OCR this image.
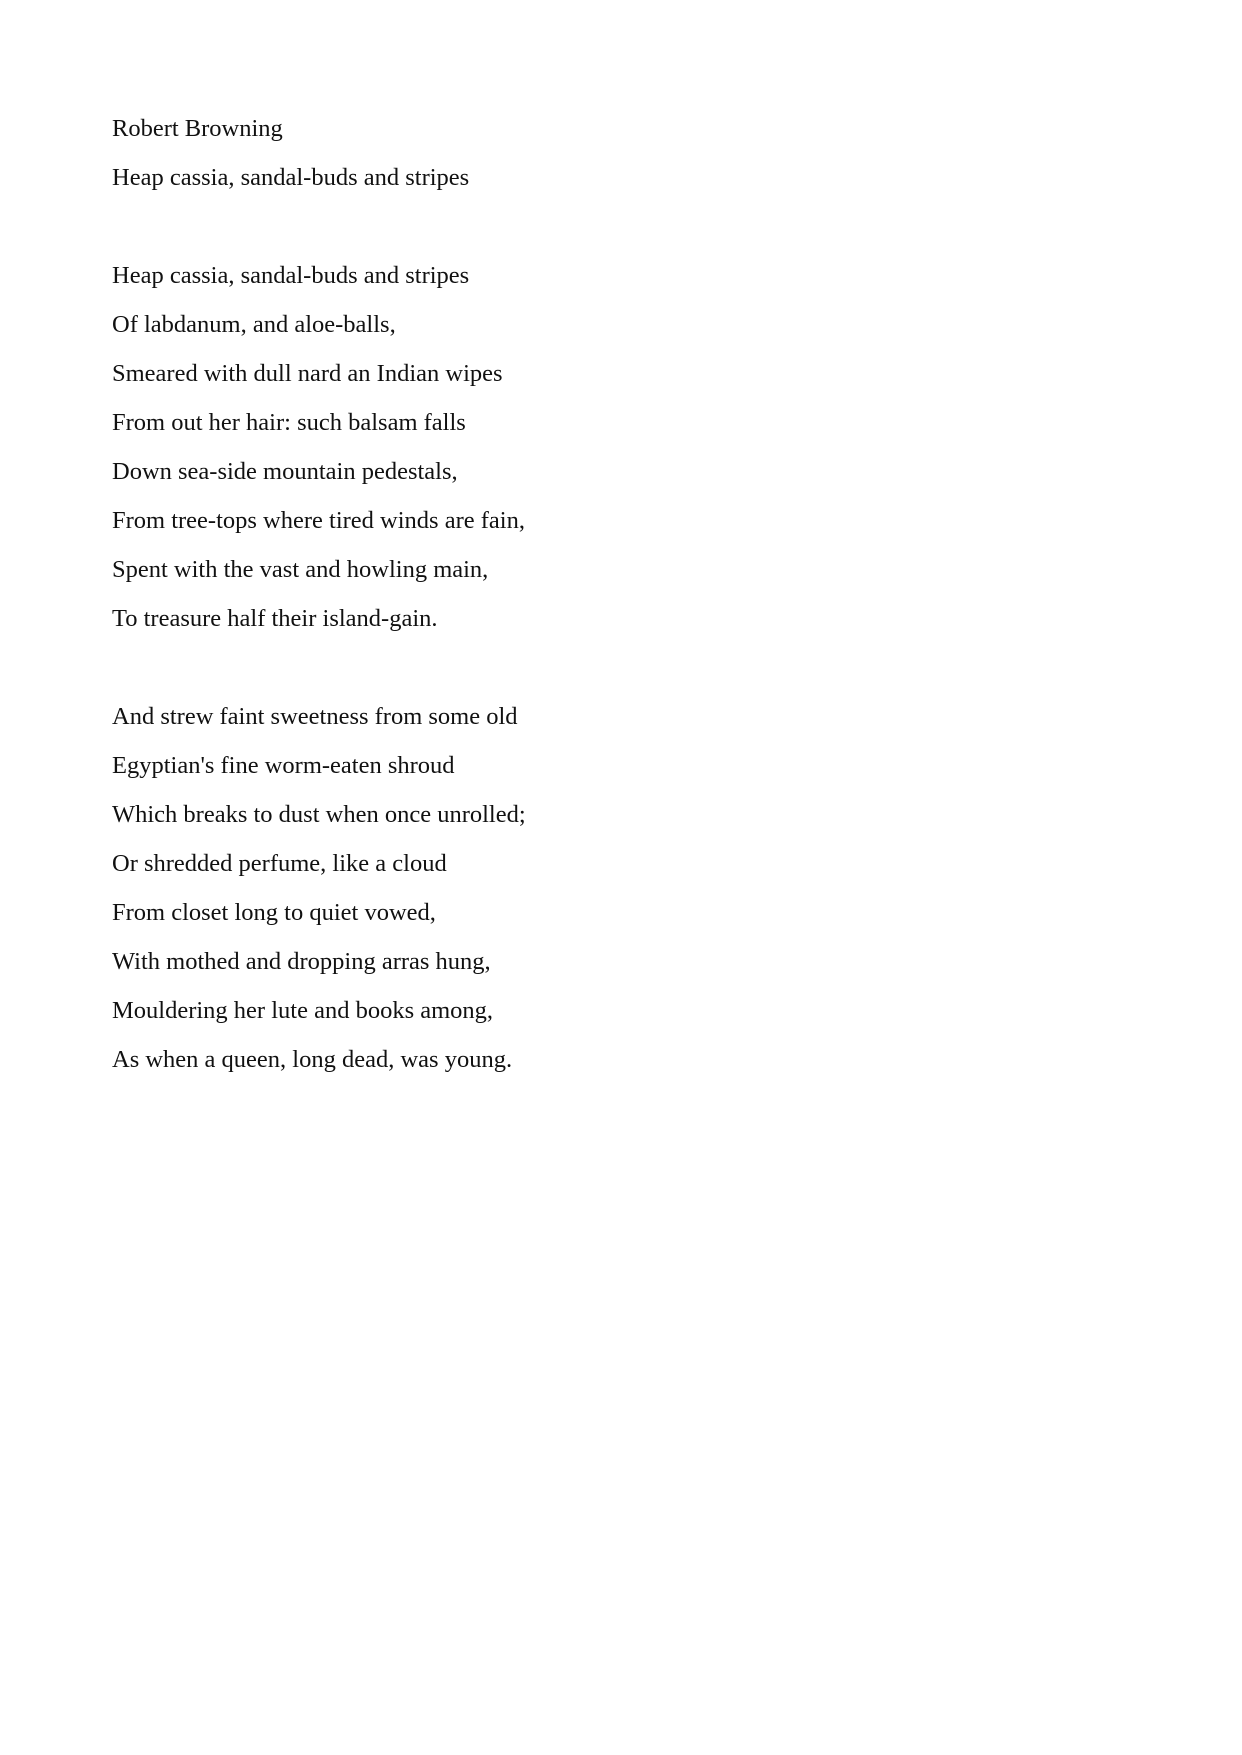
Robert Browning
Heap cassia, sandal-buds and stripes
Heap cassia, sandal-buds and stripes
Of labdanum, and aloe-balls,
Smeared with dull nard an Indian wipes
From out her hair: such balsam falls
Down sea-side mountain pedestals,
From tree-tops where tired winds are fain,
Spent with the vast and howling main,
To treasure half their island-gain.
And strew faint sweetness from some old
Egyptian's fine worm-eaten shroud
Which breaks to dust when once unrolled;
Or shredded perfume, like a cloud
From closet long to quiet vowed,
With mothed and dropping arras hung,
Mouldering her lute and books among,
As when a queen, long dead, was young.
